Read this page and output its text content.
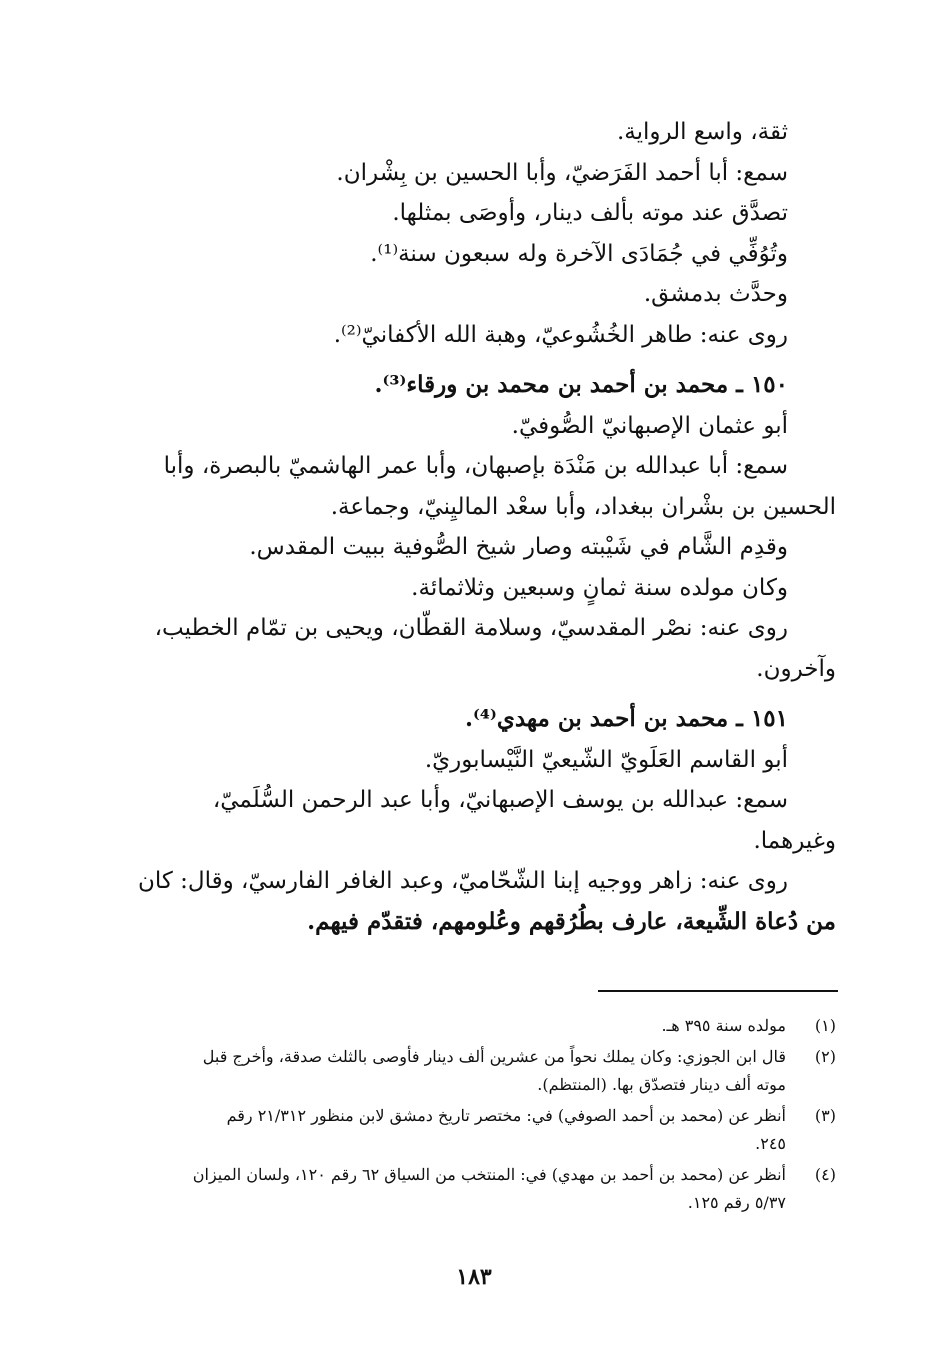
ثقة، واسع الرواية.
سمع: أبا أحمد الفَرَضيّ، وأبا الحسين بن بِشْران.
تصدَّق عند موته بألف دينار، وأوصَى بمثلها.
وتُوُفِّي في جُمَادَى الآخرة وله سبعون سنة⁽¹⁾.
وحدَّث بدمشق.
روى عنه: طاهر الخُشُوعيّ، وهبة الله الأكفانيّ⁽²⁾.
١٥٠ ـ محمد بن أحمد بن محمد بن ورقاء⁽³⁾.
أبو عثمان الإصبهانيّ الصُّوفيّ.
سمع: أبا عبدالله بن مَنْدَة بإصبهان، وأبا عمر الهاشميّ بالبصرة، وأبا
الحسين بن بشْران ببغداد، وأبا سعْد الماليِنيّ، وجماعة.
وقدِم الشَّام في شَيْبته وصار شيخ الصُّوفية ببيت المقدس.
وكان مولده سنة ثمانٍ وسبعين وثلاثمائة.
روى عنه: نصْر المقدسيّ، وسلامة القطّان، ويحيى بن تمّام الخطيب،
وآخرون.
١٥١ ـ محمد بن أحمد بن مهدي⁽⁴⁾.
أبو القاسم العَلَويّ الشّيعيّ النَّيْسابوريّ.
سمع: عبدالله بن يوسف الإصبهانيّ، وأبا عبد الرحمن السُّلَميّ،
وغيرهما.
روى عنه: زاهر ووجيه إبنا الشّحّاميّ، وعبد الغافر الفارسيّ، وقال: كان
من دُعاة الشِّيعة، عارف بطُرُقهم وعُلومهم، فتقدّم فيهم.
(١)
مولده سنة ٣٩٥ هـ.
(٢)
قال ابن الجوزي: وكان يملك نحواً من عشرين ألف دينار فأوصى بالثلث صدقة، وأخرج قبل
موته ألف دينار فتصدّق بها. (المنتظم).
(٣)
أنظر عن (محمد بن أحمد الصوفي) في: مختصر تاريخ دمشق لابن منظور ٢١/٣١٢ رقم
٢٤٥.
(٤)
أنظر عن (محمد بن أحمد بن مهدي) في: المنتخب من السياق ٦٢ رقم ١٢٠، ولسان الميزان
٥/٣٧ رقم ١٢٥.
١٨٣
